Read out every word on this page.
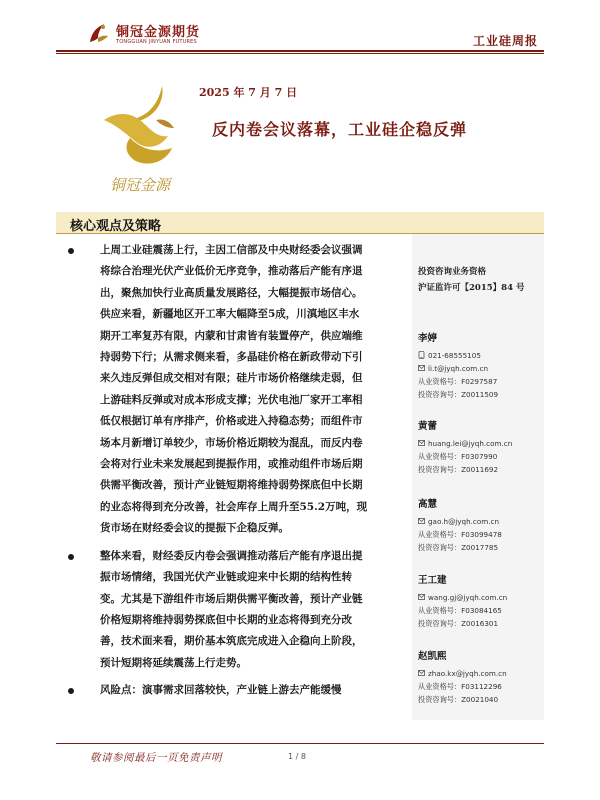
铜冠金源期货
TONGGUAN JINYUAN FUTURES	工业硅周报
铜冠金源
2025 年 7 月 7 日
反内卷会议落幕，工业硅企稳反弹
核心观点及策略
上周工业硅震荡上行，主因工信部及中央财经委会议强调
将综合治理光伏产业低价无序竞争，推动落后产能有序退
出，聚焦加快行业高质量发展路径，大幅提振市场信心。
供应来看，新疆地区开工率大幅降至5成，川滇地区丰水
期开工率复苏有限，内蒙和甘肃皆有装置停产，供应端维
持弱势下行；从需求侧来看，多晶硅价格在新政带动下引
来久违反弹但成交相对有限；硅片市场价格继续走弱，但
上游硅料反弹或对成本形成支撑；光伏电池厂家开工率相
低仅根据订单有序排产，价格或进入持稳态势；而组件市
场本月新增订单较少，市场价格近期较为混乱，而反内卷
会将对行业未来发展起到提振作用，或推动组件市场后期
供需平衡改善，预计产业链短期将维持弱势探底但中长期
的业态将得到充分改善，社会库存上周升至55.2万吨，现
货市场在财经委会议的提振下企稳反弹。
整体来看，财经委反内卷会强调推动落后产能有序退出提
振市场情绪，我国光伏产业链或迎来中长期的结构性转
变。尤其是下游组件市场后期供需平衡改善，预计产业链
价格短期将维持弱势探底但中长期的业态将得到充分改
善，技术面来看，期价基本筑底完成进入企稳向上阶段，
预计短期将延续震荡上行走势。
风险点：演事需求回落较快，产业链上游去产能缓慢
投资咨询业务资格
沪证监许可【2015】84 号
李婷
021-68555105
li.t@jyqh.com.cn
从业资格号：F0297587
投资咨询号：Z0011509
黄蕾
huang.lei@jyqh.com.cn
从业资格号：F0307990
投资咨询号：Z0011692
高慧
gao.h@jyqh.com.cn
从业资格号：F03099478
投资咨询号：Z0017785
王工建
wang.gj@jyqh.com.cn
从业资格号：F03084165
投资咨询号：Z0016301
赵凯熙
zhao.kx@jyqh.com.cn
从业资格号：F03112296
投资咨询号：Z0021040
敬请参阅最后一页免责声明	1 / 8
